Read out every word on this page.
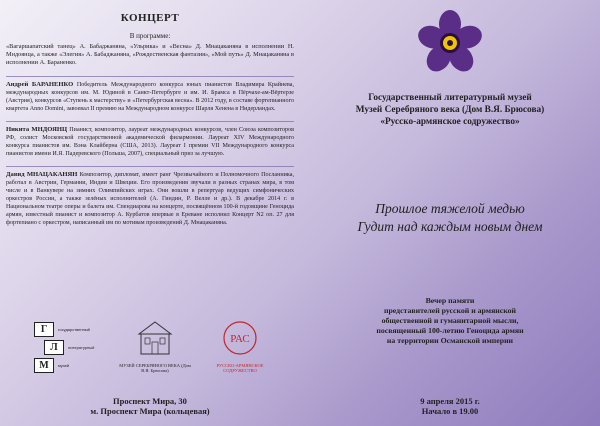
КОНЦЕРТ
В программе:
«Вагаршапатский танец» А. Бабаджаняна, «Ульрика» и «Весна» Д. Мнацаканяна в исполнении Н. Мндоянца, а также «Элегия» А. Бабаджаняна, «Рождественская фантазия», «Мой путь» Д. Мнацаканяна в исполнении А. Бараненко.
Андрей БАРАНЕНКО Победитель Международного конкурса юных пианистов Владимира Крайнева, международных конкурсов им. М. Юдиной в Санкт-Петербурге и им. И. Брамса в Пёрчахе-ам-Вёртерзе (Австрия), конкурсов «Ступень к мастерству» и «Петербургская весна». В 2012 году, в составе фортепианного квартета Anno Domini, завоевал II премию на Международном конкурсе Шарля Хенена в Нидерландах.
Никита МНДОЯНЦ Пианист, композитор, лауреат международных конкурсов, член Союза композиторов РФ, солист Московской государственной академической филармонии. Лауреат XIV Международного конкурса пианистов им. Вэна Клайберна (США, 2013). Лауреат I премии VII Международного конкурса пианистов имени И.Я. Падеревского (Польша, 2007), специальный приз за лучшую.
Давид МНАЦАКАНЯН Композитор, дипломат, имеет ранг Чрезвычайного и Полномочного Посланника, работал в Австрии, Германии, Индии и Швеции. Его произведения звучали в разных странах мира, в том числе и в Ванкувере на зимних Олимпийских играх. Они вошли в репертуар ведущих симфонических оркестров России, а также зелёных исполнителей (А. Гиндин, Р. Велле и др.). В декабре 2014 г. в Национальном театре оперы и балета им. Спендиарова на концерте, посвящённом 100-й годовщине Геноцида армян, известный пианист и композитор А. Курбатов впервые в Ереване исполнил Концерт N2 оп. 27 для фортепиано с оркестром, написанный им по мотивам произведений Д. Мнацаканяна.
Г	государственный
Л	литературный
М	музей	МУЗЕЙ СЕРЕБРЯНОГО ВЕКА (Дом В.Я. Брюсова)
РАС
РУССКО-АРМЯНСКОЕ СОДРУЖЕСТВО
Проспект Мира, 30
м. Проспект Мира (кольцевая)
Государственный литературный музей
Музей Серебряного века (Дом В.Я. Брюсова)
«Русско-армянское содружество»
Прошлое тяжелой медью
Гудит над каждым новым днем
Вечер памяти
представителей русской и армянской
общественной и гуманитарной мысли,
посвященный 100-летию Геноцида армян
на территории Османской империи
9 апреля 2015 г.
Начало в 19.00
